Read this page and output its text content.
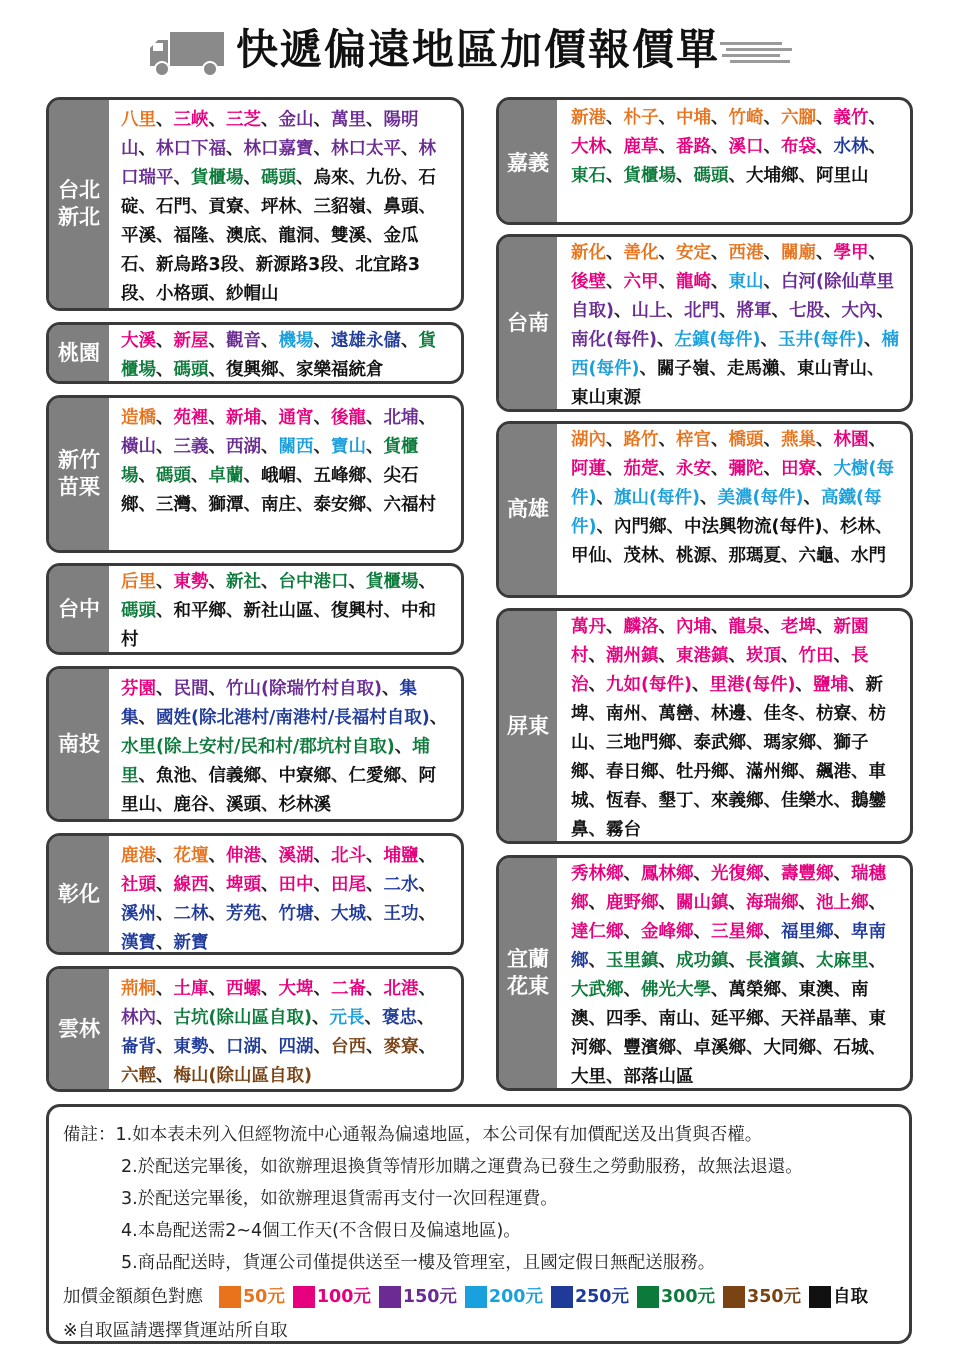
快遞偏遠地區加價報價單
台北
新北
八里、三峽、三芝、金山、萬里、陽明山、林口下福、林口嘉寶、林口太平、林口瑞平、貨櫃場、碼頭、烏來、九份、石碇、石門、貢寮、坪林、三貂嶺、鼻頭、平溪、福隆、澳底、龍洞、雙溪、金瓜石、新烏路3段、新源路3段、北宜路3段、小格頭、紗帽山
桃園	大溪、新屋、觀音、機場、遠雄永儲、貨櫃場、碼頭、復興鄉、家樂福統倉
新竹
苗栗
造橋、苑裡、新埔、通宵、後龍、北埔、橫山、三義、西湖、關西、寶山、貨櫃場、碼頭、卓蘭、峨嵋、五峰鄉、尖石鄉、三灣、獅潭、南庄、泰安鄉、六福村
台中
后里、東勢、新社、台中港口、貨櫃場、碼頭、和平鄉、新社山區、復興村、中和村
南投
芬園、民間、竹山(除瑞竹村自取)、集集、國姓(除北港村/南港村/長福村自取)、水里(除上安村/民和村/郡坑村自取)、埔里、魚池、信義鄉、中寮鄉、仁愛鄉、阿里山、鹿谷、溪頭、杉林溪
彰化
鹿港、花壇、伸港、溪湖、北斗、埔鹽、社頭、線西、埤頭、田中、田尾、二水、溪州、二林、芳苑、竹塘、大城、王功、漢寶、新寶
雲林
荊桐、土庫、西螺、大埤、二崙、北港、林內、古坑(除山區自取)、元長、褒忠、崙背、東勢、口湖、四湖、台西、麥寮、六輕、梅山(除山區自取)
嘉義
新港、朴子、中埔、竹崎、六腳、義竹、大林、鹿草、番路、溪口、布袋、水林、東石、貨櫃場、碼頭、大埔鄉、阿里山
台南
新化、善化、安定、西港、關廟、學甲、後壁、六甲、龍崎、東山、白河(除仙草里自取)、山上、北門、將軍、七股、大內、南化(每件)、左鎮(每件)、玉井(每件)、楠西(每件)、關子嶺、走馬瀨、東山青山、東山東源
高雄
湖內、路竹、梓官、橋頭、燕巢、林園、阿蓮、茄萣、永安、彌陀、田寮、大樹(每件)、旗山(每件)、美濃(每件)、高鐵(每件)、內門鄉、中法興物流(每件)、杉林、甲仙、茂林、桃源、那瑪夏、六龜、水門
屏東
萬丹、麟洛、內埔、龍泉、老埤、新園村、潮州鎮、東港鎮、崁頂、竹田、長治、九如(每件)、里港(每件)、鹽埔、新埤、南州、萬巒、林邊、佳冬、枋寮、枋山、三地門鄉、泰武鄉、瑪家鄉、獅子鄉、春日鄉、牡丹鄉、滿州鄉、飆港、車城、恆春、墾丁、來義鄉、佳樂水、鵝鑾鼻、霧台
宜蘭
花東
秀林鄉、鳳林鄉、光復鄉、壽豐鄉、瑞穗鄉、鹿野鄉、關山鎮、海瑞鄉、池上鄉、達仁鄉、金峰鄉、三星鄉、福里鄉、卑南鄉、玉里鎮、成功鎮、長濱鎮、太麻里、大武鄉、佛光大學、萬榮鄉、東澳、南澳、四季、南山、延平鄉、天祥晶華、東河鄉、豐濱鄉、卓溪鄉、大同鄉、石城、大里、部落山區
備註：1.如本表未列入但經物流中心通報為偏遠地區，本公司保有加價配送及出貨與否權。
2.於配送完畢後，如欲辦理退換貨等情形加購之運費為已發生之勞動服務，故無法退還。
3.於配送完畢後，如欲辦理退貨需再支付一次回程運費。
4.本島配送需2~4個工作天(不含假日及偏遠地區)。
5.商品配送時，貨運公司僅提供送至一樓及管理室，且國定假日無配送服務。
加價金額顏色對應 50元 100元 150元 200元 250元 300元 350元 自取
※自取區請選擇貨運站所自取
